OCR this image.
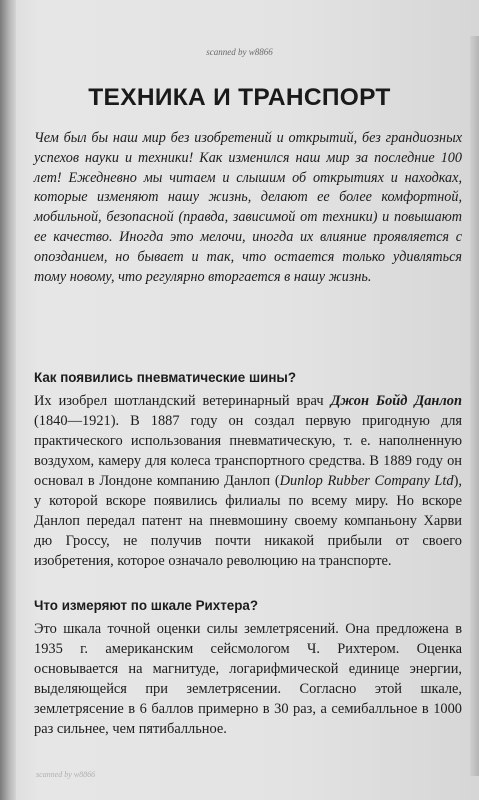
scanned by w8866
ТЕХНИКА И ТРАНСПОРТ

Чем был бы наш мир без изобретений и открытий, без грандиозных успехов науки и техники! Как изменился наш мир за последние 100 лет! Ежедневно мы читаем и слышим об открытиях и находках, которые изменяют нашу жизнь, делают ее более комфортной, мобильной, безопасной (правда, зависимой от техники) и повышают ее качество. Иногда это мелочи, иногда их влияние проявляется с опозданием, но бывает и так, что остается только удивляться тому новому, что регулярно вторгается в нашу жизнь.

Как появились пневматические шины?

Их изобрел шотландский ветеринарный врач Джон Бойд Данлоп (1840—1921). В 1887 году он создал первую пригодную для практического использования пневматическую, т. е. наполненную воздухом, камеру для колеса транспортного средства. В 1889 году он основал в Лондоне компанию Данлоп (Dunlop Rubber Company Ltd), у которой вскоре появились филиалы по всему миру. Но вскоре Данлоп передал патент на пневмошину своему компаньону Харви дю Гроссу, не получив почти никакой прибыли от своего изобретения, которое означало революцию на транспорте.

Что измеряют по шкале Рихтера?

Это шкала точной оценки силы землетрясений. Она предложена в 1935 г. американским сейсмологом Ч. Рихтером. Оценка основывается на магнитуде, логарифмической единице энергии, выделяющейся при землетрясении. Согласно этой шкале, землетрясение в 6 баллов примерно в 30 раз, а семибалльное в 1000 раз сильнее, чем пятибалльное.

scanned by w8866
